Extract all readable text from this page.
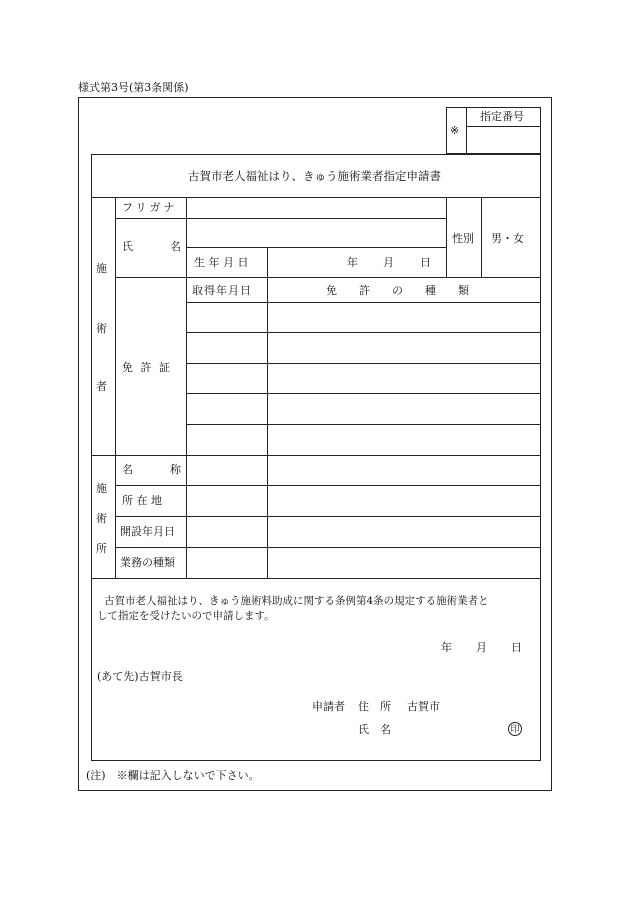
様式第3号(第3条関係)
※
指定番号
古賀市老人福祉はり、きゅう施術業者指定申請書
施
術
者
フリガナ
氏	名
生 年 月 日	年 月 日
性別 男・女
免 許 証
取得年月日	免　　許　　の　　種　　類
施
術
所
名	称
所 在 地
開設年月日
業務の種類
古賀市老人福祉はり、きゅう施術料助成に関する条例第4条の規定する施術業者と
して指定を受けたいので申請します。
年 月 日
(あて先)古賀市長
申請者 住　所 古賀市
氏　名	印
(注)　※欄は記入しないで下さい。
